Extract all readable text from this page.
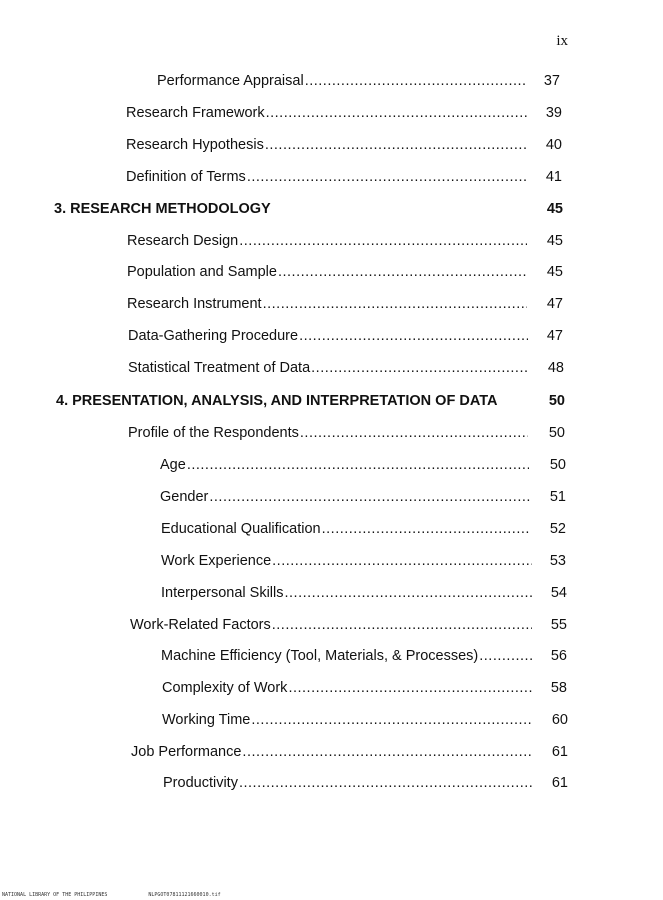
ix
Performance Appraisal .....	37
Research Framework .....	39
Research Hypothesis .....	40
Definition of Terms .....	41
3. RESEARCH METHODOLOGY	45
Research Design .....	45
Population and Sample .....	45
Research Instrument .....	47
Data-Gathering Procedure .....	47
Statistical Treatment of Data .....	48
4. PRESENTATION, ANALYSIS, AND INTERPRETATION OF DATA	50
Profile of the Respondents .....	50
Age .....	50
Gender .....	51
Educational Qualification .....	52
Work Experience .....	53
Interpersonal Skills .....	54
Work-Related Factors .....	55
Machine Efficiency (Tool, Materials, & Processes) .....	56
Complexity of Work .....	58
Working Time .....	60
Job Performance .....	61
Productivity .....	61
NATIONAL LIBRARY OF THE PHILIPPINES	NLPGOT07811121660010.tif
